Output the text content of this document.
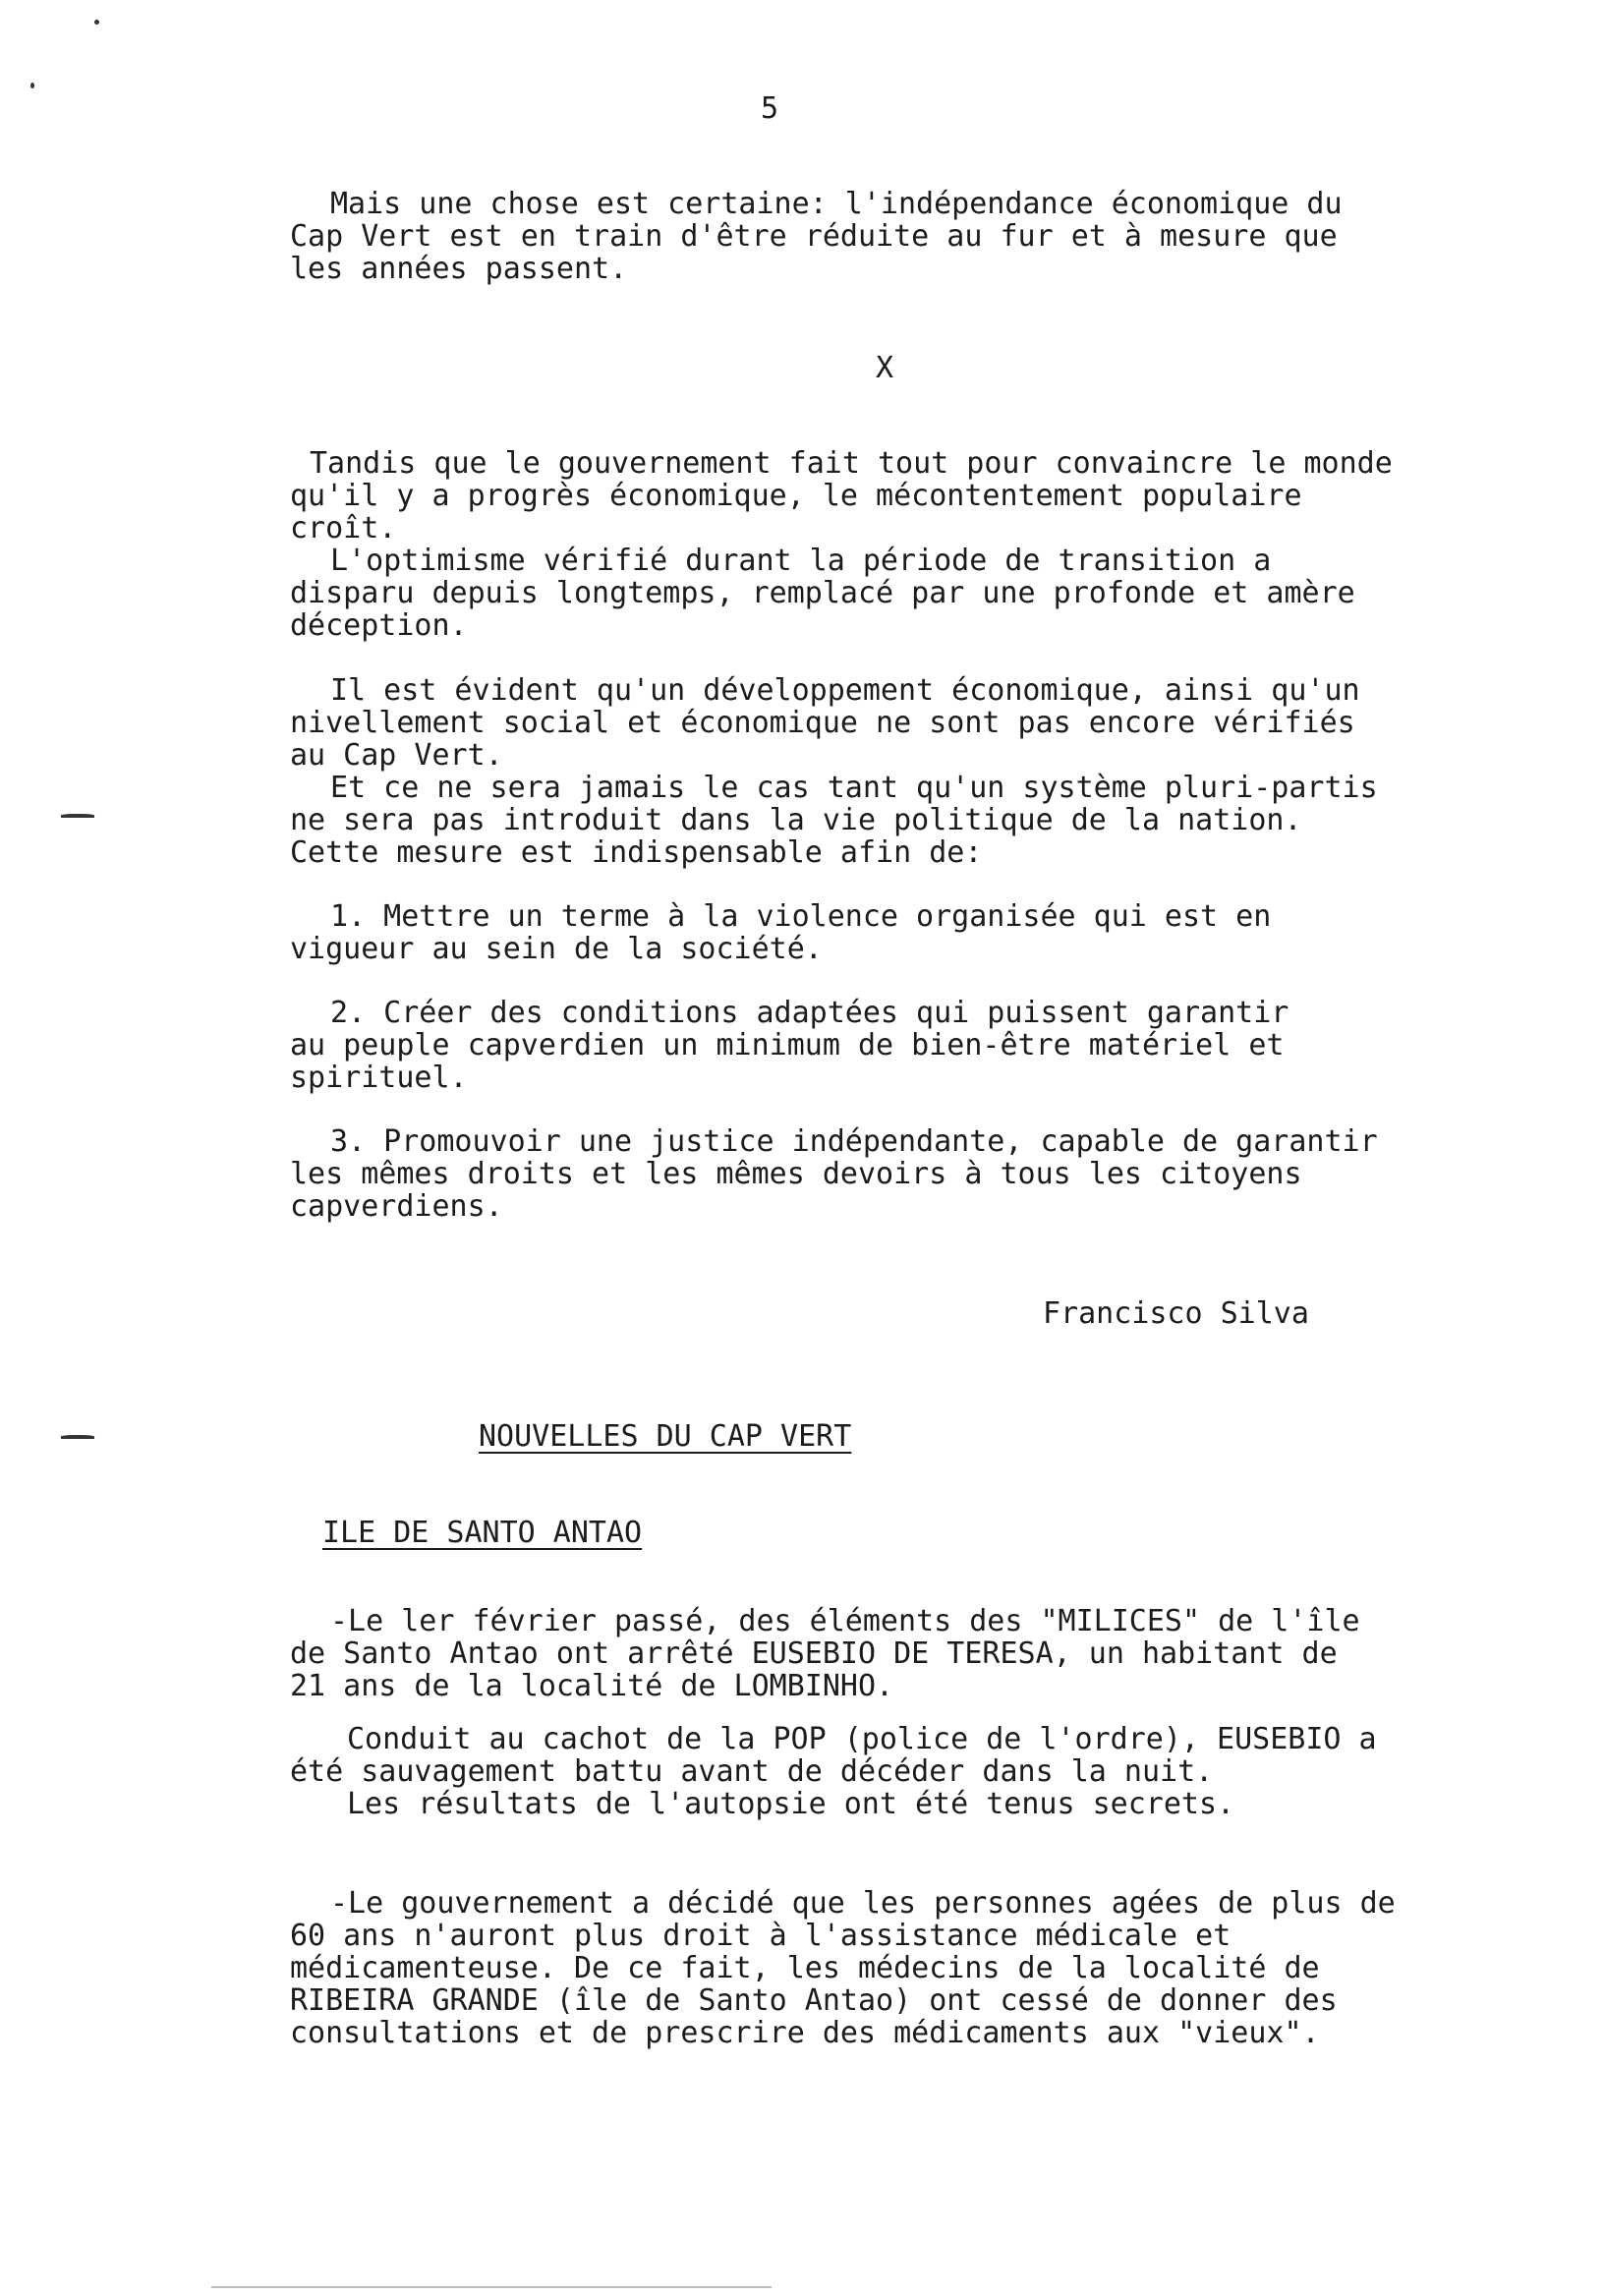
5
Mais une chose est certaine: l'indépendance économique du
Cap Vert est en train d'être réduite au fur et à mesure que
les années passent.
X
Tandis que le gouvernement fait tout pour convaincre le monde
qu'il y a progrès économique, le mécontentement populaire
croît.
L'optimisme vérifié durant la période de transition a
disparu depuis longtemps, remplacé par une profonde et amère
déception.
Il est évident qu'un développement économique, ainsi qu'un
nivellement social et économique ne sont pas encore vérifiés
au Cap Vert.
Et ce ne sera jamais le cas tant qu'un système pluri-partis
ne sera pas introduit dans la vie politique de la nation.
Cette mesure est indispensable afin de:
1. Mettre un terme à la violence organisée qui est en
vigueur au sein de la société.
2. Créer des conditions adaptées qui puissent garantir
au peuple capverdien un minimum de bien-être matériel et
spirituel.
3. Promouvoir une justice indépendante, capable de garantir
les mêmes droits et les mêmes devoirs à tous les citoyens
capverdiens.
Francisco Silva
NOUVELLES DU CAP VERT
ILE DE SANTO ANTAO
-Le ler février passé, des éléments des "MILICES" de l'île
de Santo Antao ont arrêté EUSEBIO DE TERESA, un habitant de
21 ans de la localité de LOMBINHO.
Conduit au cachot de la POP (police de l'ordre), EUSEBIO a
été sauvagement battu avant de décéder dans la nuit.
Les résultats de l'autopsie ont été tenus secrets.
-Le gouvernement a décidé que les personnes agées de plus de
60 ans n'auront plus droit à l'assistance médicale et
médicamenteuse. De ce fait, les médecins de la localité de
RIBEIRA GRANDE (île de Santo Antao) ont cessé de donner des
consultations et de prescrire des médicaments aux "vieux".
